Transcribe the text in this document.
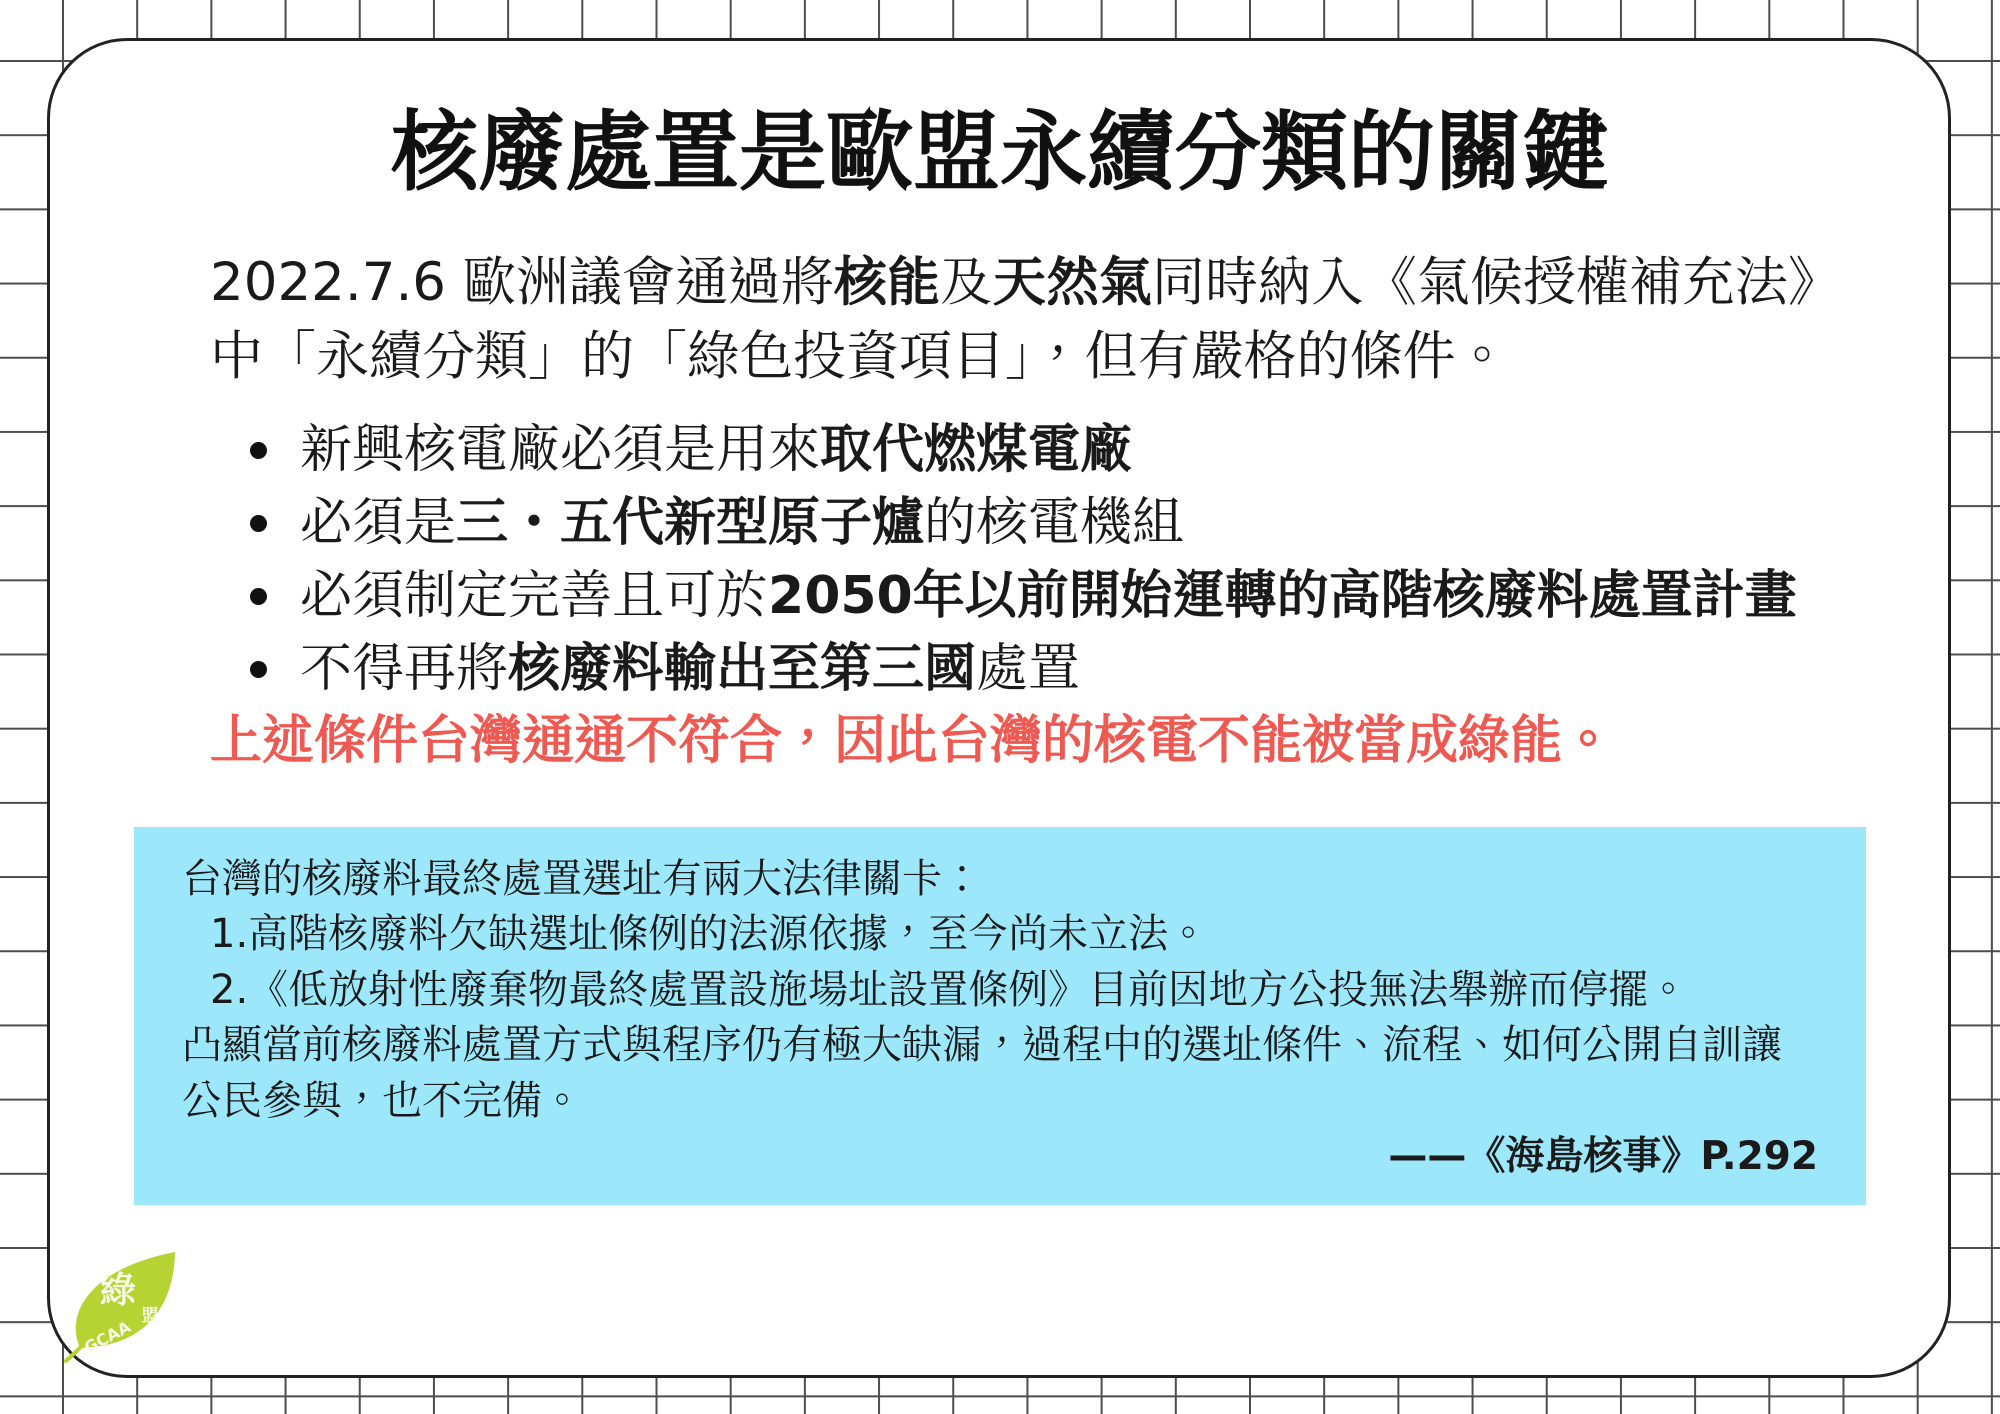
核廢處置是歐盟永續分類的關鍵
2022.7.6 歐洲議會通過將 核能 及 天然氣 同時納入《氣候授權補充法》
中「永續分類」的「綠色投資項目」，但有嚴格的條件。
新興核電廠必須是用來 取代燃煤電廠
必須是 三・五代新型原子爐 的核電機組
必須制定完善且可於 2050年以前開始運轉的高階核廢料處置計畫
不得再將 核廢料輸出至第三國 處置

上述條件台灣通通不符合，因此台灣的核電不能被當成綠能。

台灣的核廢料最終處置選址有兩大法律關卡：
1.高階核廢料欠缺選址條例的法源依據，至今尚未立法。
2.《低放射性廢棄物最終處置設施場址設置條例》目前因地方公投無法舉辦而停擺。
凸顯當前核廢料處置方式與程序仍有極大缺漏，過程中的選址條件、流程、如何公開自訓讓
公民參與，也不完備。
——《海島核事》P.292
綠
盟
GCAA
